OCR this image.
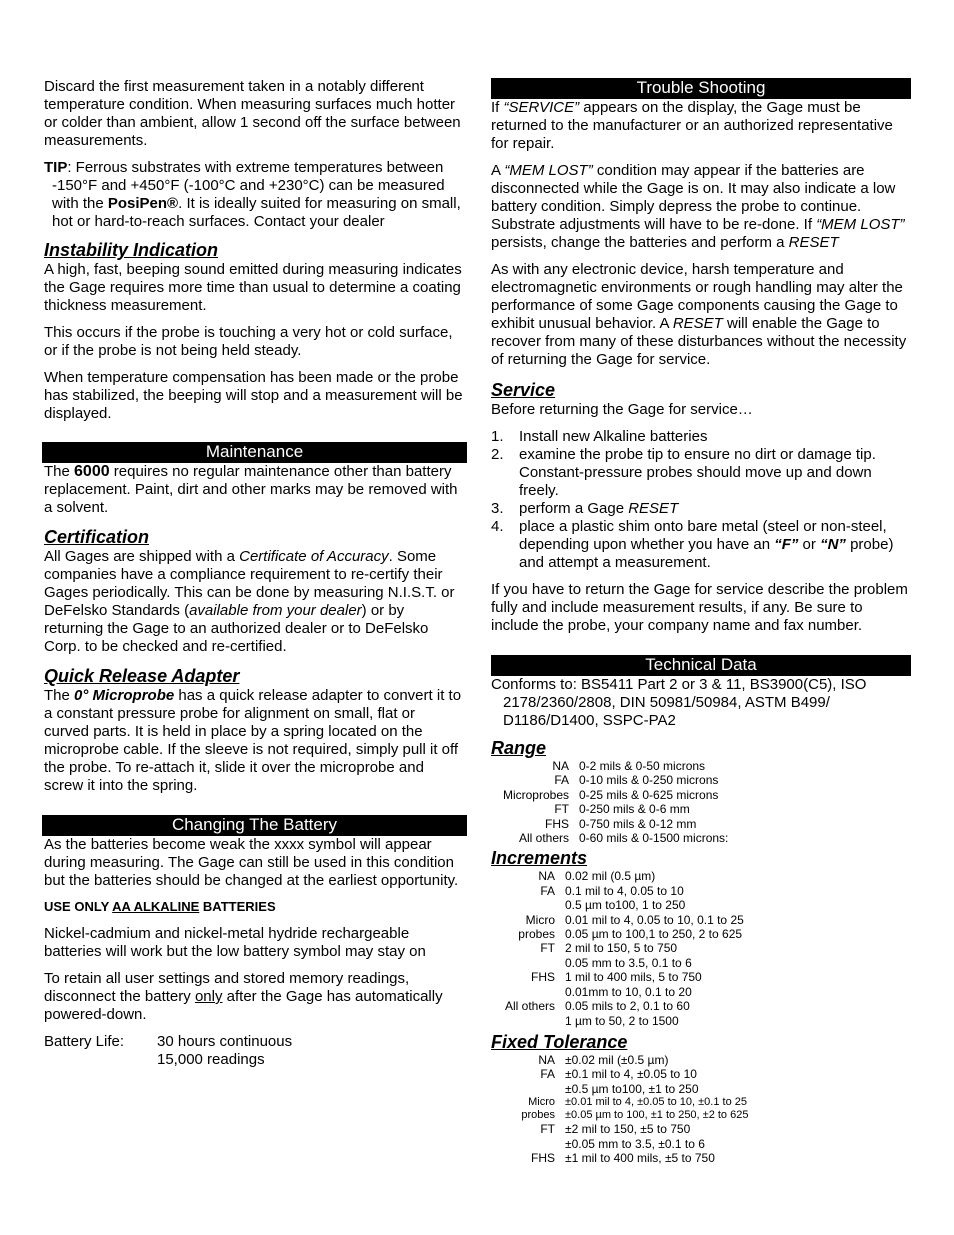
Discard the first measurement taken in a notably different temperature condition. When measuring surfaces much hotter or colder than ambient, allow 1 second off the surface between measurements.

TIP: Ferrous substrates with extreme temperatures between -150°F and +450°F (-100°C and +230°C) can be measured with the PosiPen®. It is ideally suited for measuring on small, hot or hard-to-reach surfaces. Contact your dealer

Instability Indication

A high, fast, beeping sound emitted during measuring indicates the Gage requires more time than usual to determine a coating thickness measurement.

This occurs if the probe is touching a very hot or cold surface, or if the probe is not being held steady.

When temperature compensation has been made or the probe has stabilized, the beeping will stop and a measurement will be displayed.

Maintenance

The 6000 requires no regular maintenance other than battery replacement. Paint, dirt and other marks may be removed with a solvent.

Certification

All Gages are shipped with a Certificate of Accuracy. Some companies have a compliance requirement to re-certify their Gages periodically. This can be done by measuring N.I.S.T. or DeFelsko Standards (available from your dealer) or by returning the Gage to an authorized dealer or to DeFelsko Corp. to be checked and re-certified.

Quick Release Adapter

The 0° Microprobe has a quick release adapter to convert it to a constant pressure probe for alignment on small, flat or curved parts. It is held in place by a spring located on the microprobe cable. If the sleeve is not required, simply pull it off the probe. To re-attach it, slide it over the microprobe and screw it into the spring.

Changing The Battery

As the batteries become weak the xxxx symbol will appear during measuring. The Gage can still be used in this condition but the batteries should be changed at the earliest opportunity.

USE ONLY AA ALKALINE BATTERIES

Nickel-cadmium and nickel-metal hydride rechargeable batteries will work but the low battery symbol may stay on

To retain all user settings and stored memory readings, disconnect the battery only after the Gage has automatically powered-down.

Battery Life:	30 hours continuous
15,000 readings
Trouble Shooting

If “SERVICE” appears on the display, the Gage must be returned to the manufacturer or an authorized representative for repair.

A “MEM LOST” condition may appear if the batteries are disconnected while the Gage is on. It may also indicate a low battery condition. Simply depress the probe to continue. Substrate adjustments will have to be re-done. If “MEM LOST” persists, change the batteries and perform a RESET

As with any electronic device, harsh temperature and electromagnetic environments or rough handling may alter the performance of some Gage components causing the Gage to exhibit unusual behavior. A RESET will enable the Gage to recover from many of these disturbances without the necessity of returning the Gage for service.

Service

Before returning the Gage for service…

1. Install new Alkaline batteries
2. examine the probe tip to ensure no dirt or damage tip. Constant-pressure probes should move up and down freely.
3. perform a Gage RESET
4. place a plastic shim onto bare metal (steel or non-steel, depending upon whether you have an “F” or “N” probe) and attempt a measurement.

If you have to return the Gage for service describe the problem fully and include measurement results, if any. Be sure to include the probe, your company name and fax number.

Technical Data

Conforms to: BS5411 Part 2 or 3 & 11, BS3900(C5), ISO 2178/2360/2808, DIN 50981/50984, ASTM B499/ D1186/D1400, SSPC-PA2

Range
NA	0-2 mils & 0-50 microns
FA	0-10 mils & 0-250 microns
Microprobes	0-25 mils & 0-625 microns
FT	0-250 mils & 0-6 mm
FHS	0-750 mils & 0-12 mm
All others	0-60 mils & 0-1500 microns:
Increments
NA	0.02 mil (0.5 µm)
FA	0.1 mil to 4, 0.05 to 10
	0.5 µm to100, 1 to 250
Micro	0.01 mil to 4, 0.05 to 10, 0.1 to 25
probes	0.05 µm to 100,1 to 250, 2 to 625
FT	2 mil to 150, 5 to 750
	0.05 mm to 3.5, 0.1 to 6
FHS	1 mil to 400 mils, 5 to 750
	0.01mm to 10, 0.1 to 20
All others	0.05 mils to 2, 0.1 to 60
	1 µm to 50, 2 to 1500
Fixed Tolerance
NA	±0.02 mil (±0.5 µm)
FA	±0.1 mil to 4, ±0.05 to 10
	±0.5 µm to100, ±1 to 250
Micro	±0.01 mil to 4, ±0.05 to 10, ±0.1 to 25
probes	±0.05 µm to 100, ±1 to 250, ±2 to 625
FT	±2 mil to 150, ±5 to 750
	±0.05 mm to 3.5, ±0.1 to 6
FHS	±1 mil to 400 mils, ±5 to 750
